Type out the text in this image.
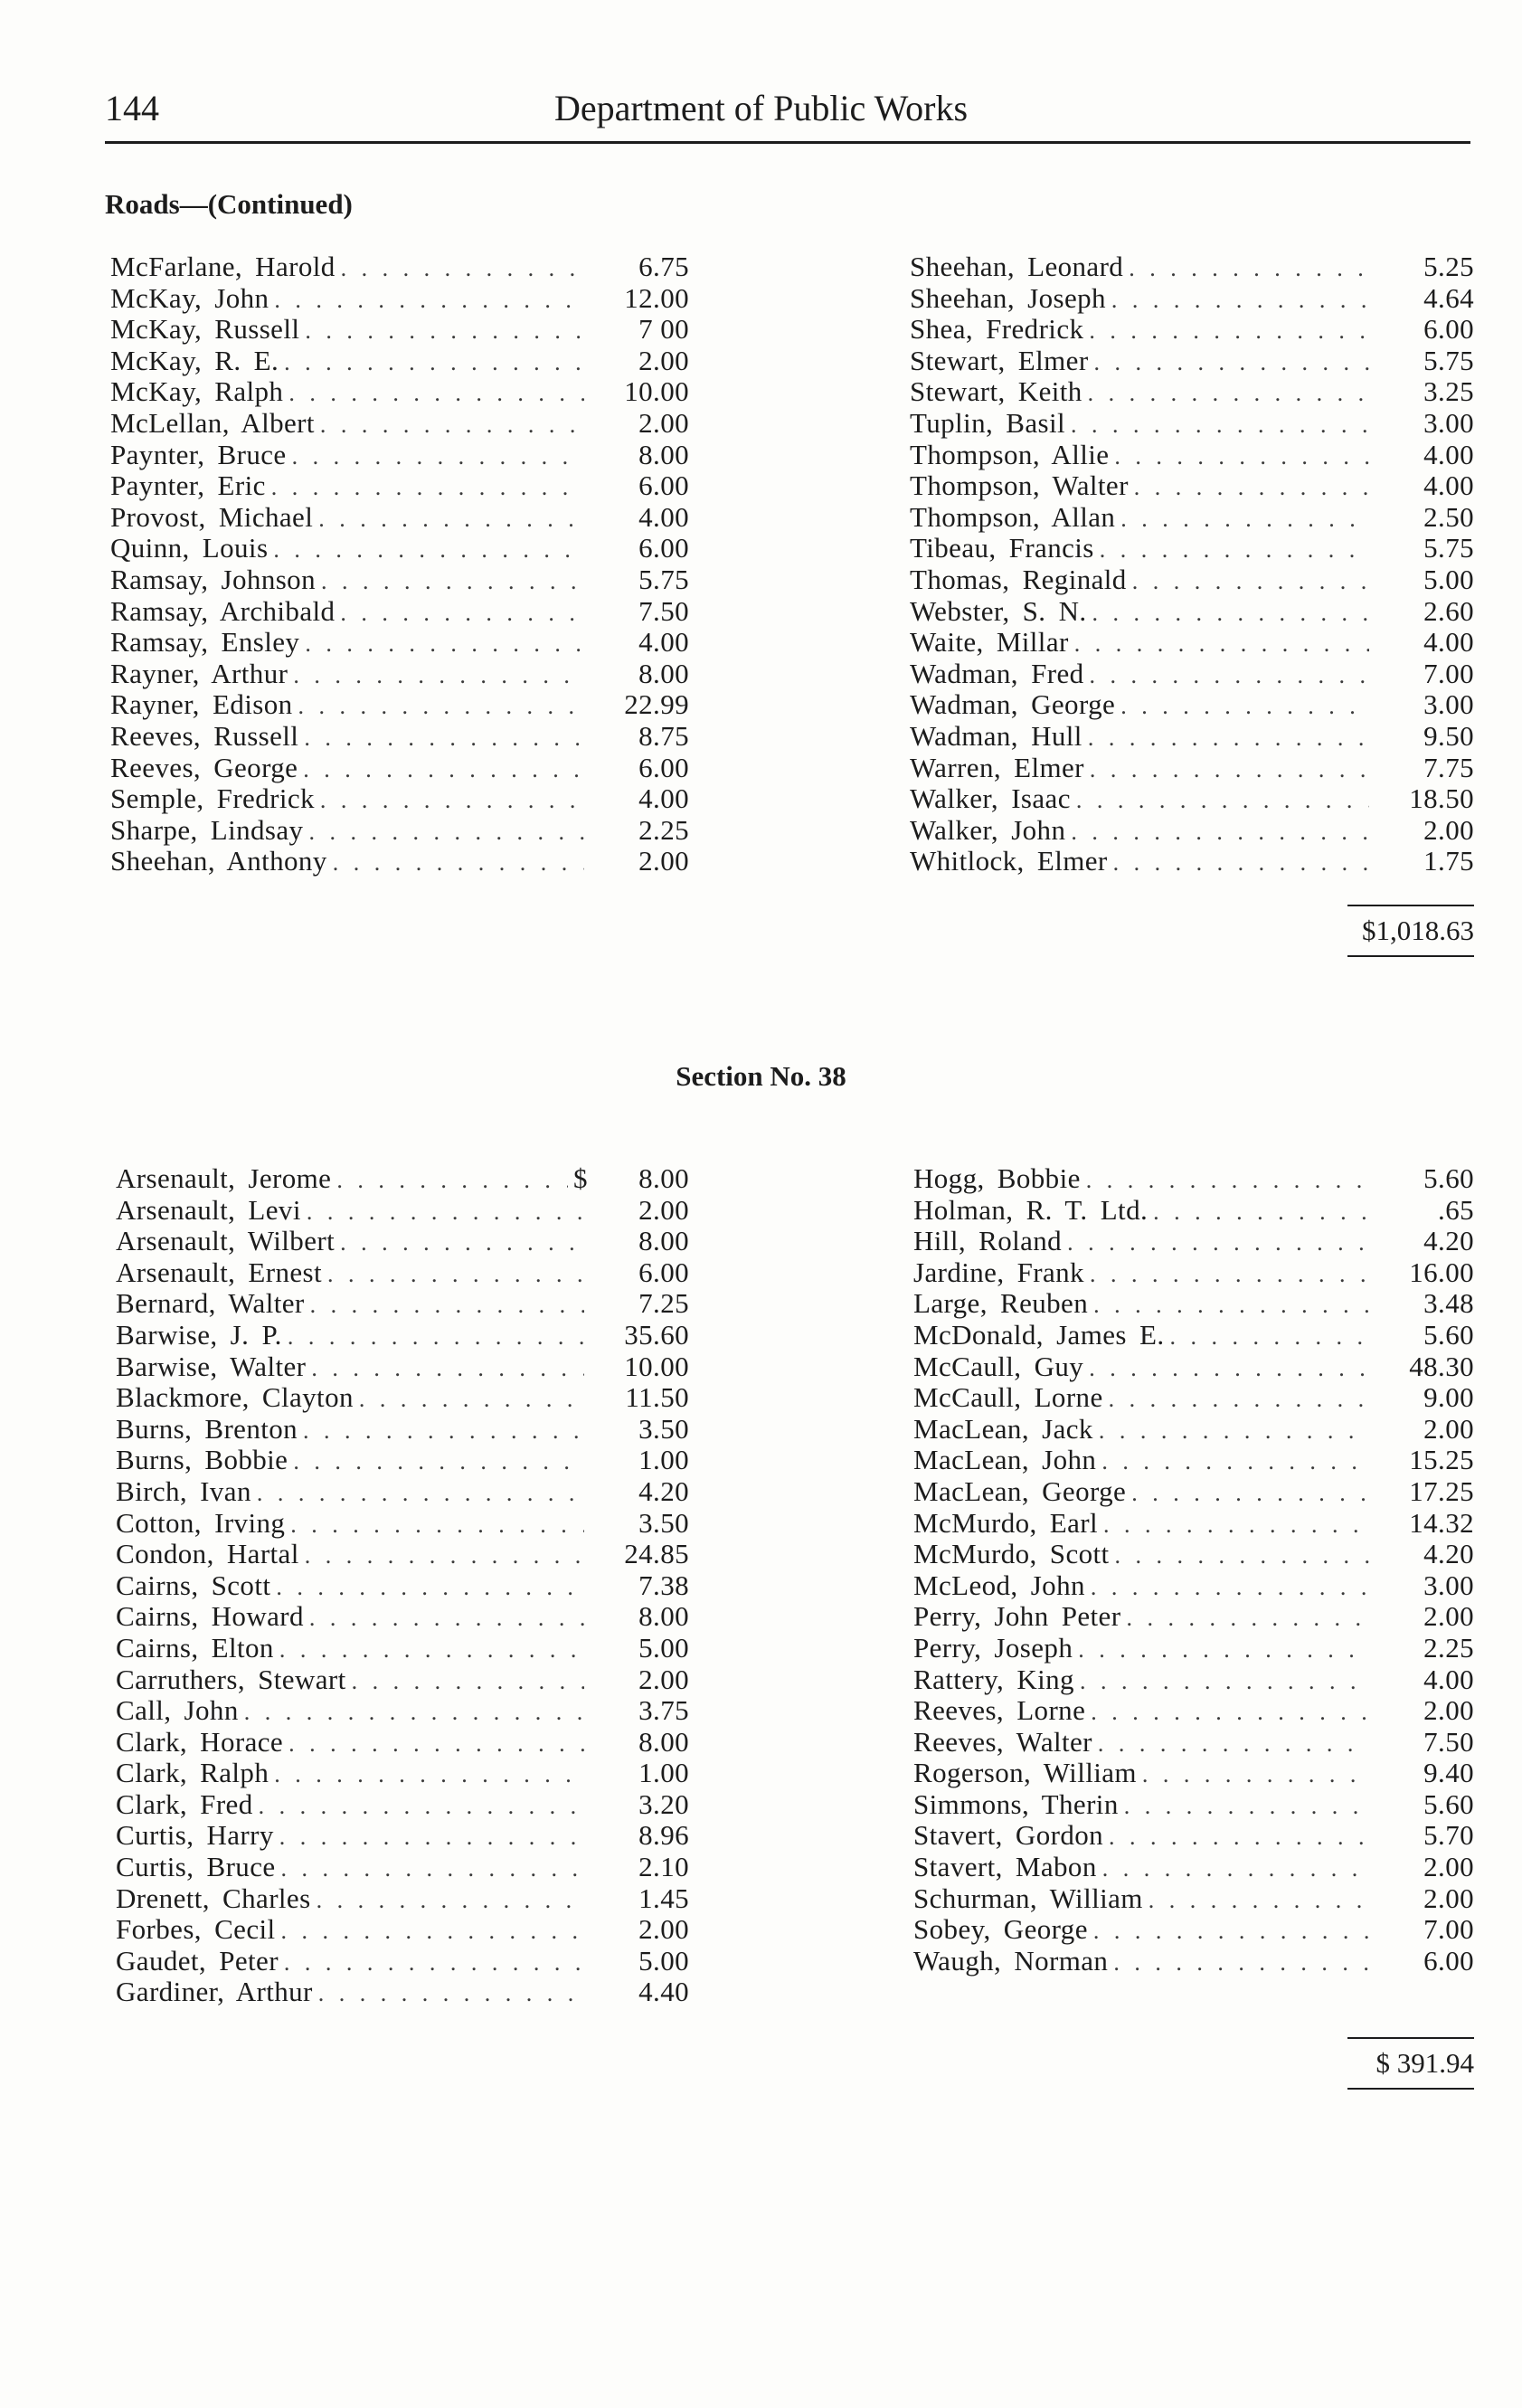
144	Department of Public Works
Roads—(Continued)
McFarlane, Harold . . .	6.75
McKay, John . . .	12.00
McKay, Russell . . .	7 00
McKay, R. E. . . .	2.00
McKay, Ralph . . .	10.00
McLellan, Albert . . .	2.00
Paynter, Bruce . . .	8.00
Paynter, Eric . . .	6.00
Provost, Michael . . .	4.00
Quinn, Louis . . .	6.00
Ramsay, Johnson . . .	5.75
Ramsay, Archibald . . .	7.50
Ramsay, Ensley . . .	4.00
Rayner, Arthur . . .	8.00
Rayner, Edison . . .	22.99
Reeves, Russell . . .	8.75
Reeves, George . . .	6.00
Semple, Fredrick . . .	4.00
Sharpe, Lindsay . . .	2.25
Sheehan, Anthony . . .	2.00
Sheehan, Leonard . . .	5.25
Sheehan, Joseph . . .	4.64
Shea, Fredrick . . .	6.00
Stewart, Elmer . . .	5.75
Stewart, Keith . . .	3.25
Tuplin, Basil . . .	3.00
Thompson, Allie . . .	4.00
Thompson, Walter . . .	4.00
Thompson, Allan . . .	2.50
Tibeau, Francis . . .	5.75
Thomas, Reginald . . .	5.00
Webster, S. N. . . .	2.60
Waite, Millar . . .	4.00
Wadman, Fred . . .	7.00
Wadman, George . . .	3.00
Wadman, Hull . . .	9.50
Warren, Elmer . . .	7.75
Walker, Isaac . . .	18.50
Walker, John . . .	2.00
Whitlock, Elmer . . .	1.75
$1,018.63
Section No. 38
Arsenault, Jerome . . .	$	8.00
Arsenault, Levi . . .	2.00
Arsenault, Wilbert . . .	8.00
Arsenault, Ernest . . .	6.00
Bernard, Walter . . .	7.25
Barwise, J. P. . . .	35.60
Barwise, Walter . . .	10.00
Blackmore, Clayton . . .	11.50
Burns, Brenton . . .	3.50
Burns, Bobbie . . .	1.00
Birch, Ivan . . .	4.20
Cotton, Irving . . .	3.50
Condon, Hartal . . .	24.85
Cairns, Scott . . .	7.38
Cairns, Howard . . .	8.00
Cairns, Elton . . .	5.00
Carruthers, Stewart . . .	2.00
Call, John . . .	3.75
Clark, Horace . . .	8.00
Clark, Ralph . . .	1.00
Clark, Fred . . .	3.20
Curtis, Harry . . .	8.96
Curtis, Bruce . . .	2.10
Drenett, Charles . . .	1.45
Forbes, Cecil . . .	2.00
Gaudet, Peter . . .	5.00
Gardiner, Arthur . . .	4.40
Hogg, Bobbie . . .	5.60
Holman, R. T. Ltd. . . .	.65
Hill, Roland . . .	4.20
Jardine, Frank . . .	16.00
Large, Reuben . . .	3.48
McDonald, James E. . . .	5.60
McCaull, Guy . . .	48.30
McCaull, Lorne . . .	9.00
MacLean, Jack . . .	2.00
MacLean, John . . .	15.25
MacLean, George . . .	17.25
McMurdo, Earl . . .	14.32
McMurdo, Scott . . .	4.20
McLeod, John . . .	3.00
Perry, John Peter . . .	2.00
Perry, Joseph . . .	2.25
Rattery, King . . .	4.00
Reeves, Lorne . . .	2.00
Reeves, Walter . . .	7.50
Rogerson, William . . .	9.40
Simmons, Therin . . .	5.60
Stavert, Gordon . . .	5.70
Stavert, Mabon . . .	2.00
Schurman, William . . .	2.00
Sobey, George . . .	7.00
Waugh, Norman . . .	6.00
$ 391.94
